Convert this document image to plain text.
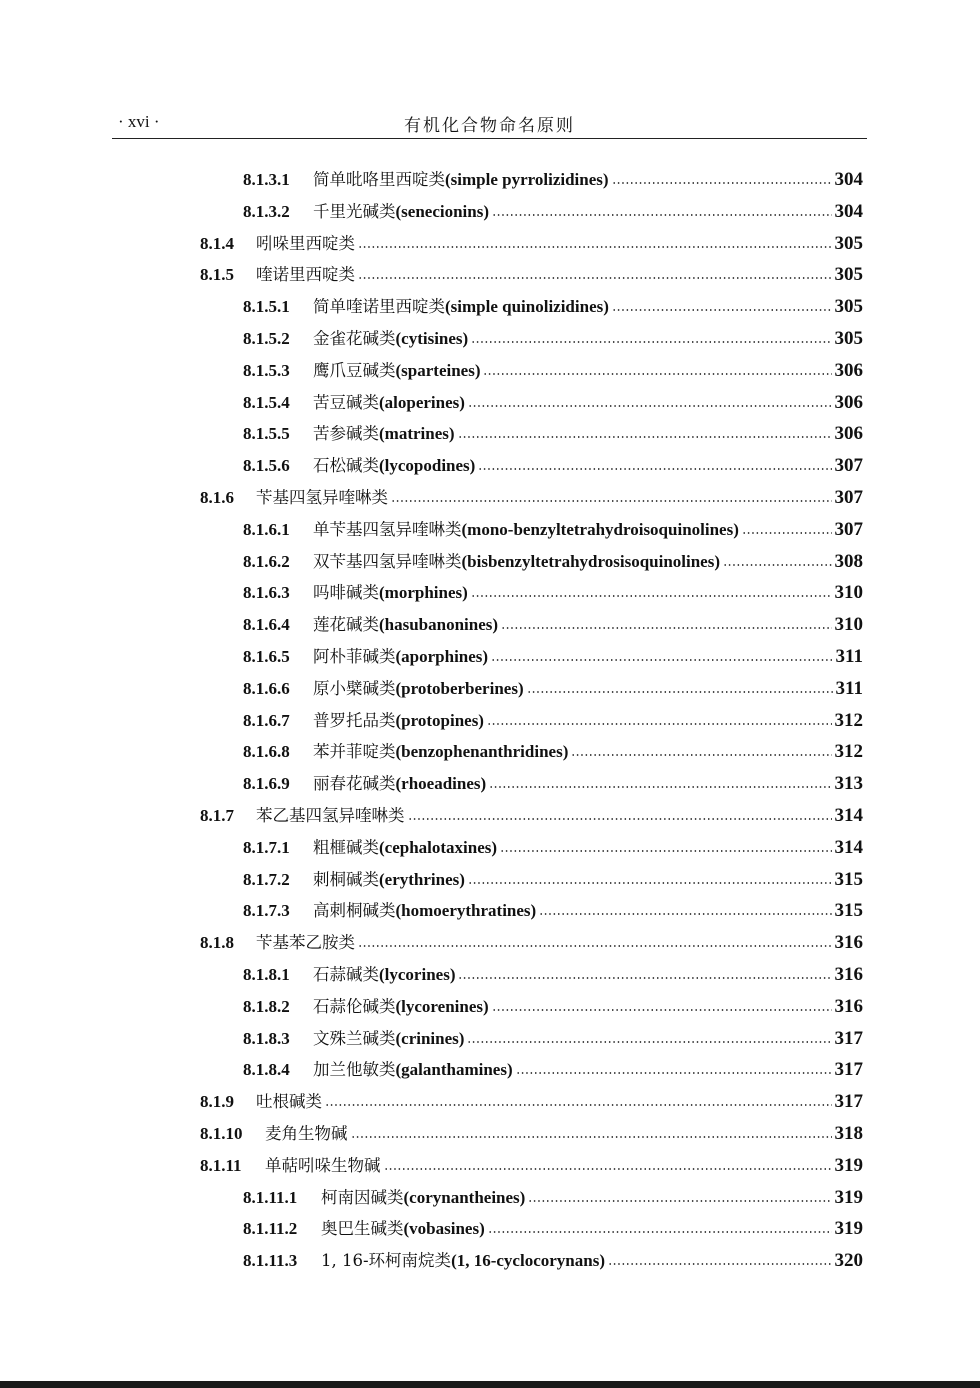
· xvi ·	有机化合物命名原则
8.1.3.1	简单吡咯里西啶类(simple pyrrolizidines)	304
8.1.3.2	千里光碱类(senecionins)	304
8.1.4	吲哚里西啶类	305
8.1.5	喹诺里西啶类	305
8.1.5.1	简单喹诺里西啶类(simple quinolizidines)	305
8.1.5.2	金雀花碱类(cytisines)	305
8.1.5.3	鹰爪豆碱类(sparteines)	306
8.1.5.4	苦豆碱类(aloperines)	306
8.1.5.5	苦参碱类(matrines)	306
8.1.5.6	石松碱类(lycopodines)	307
8.1.6	苄基四氢异喹啉类	307
8.1.6.1	单苄基四氢异喹啉类(mono-benzyltetrahydroisoquinolines)	307
8.1.6.2	双苄基四氢异喹啉类(bisbenzyltetrahydrosisoquinolines)	308
8.1.6.3	吗啡碱类(morphines)	310
8.1.6.4	莲花碱类(hasubanonines)	310
8.1.6.5	阿朴菲碱类(aporphines)	311
8.1.6.6	原小檗碱类(protoberberines)	311
8.1.6.7	普罗托品类(protopines)	312
8.1.6.8	苯并菲啶类(benzophenanthridines)	312
8.1.6.9	丽春花碱类(rhoeadines)	313
8.1.7	苯乙基四氢异喹啉类	314
8.1.7.1	粗榧碱类(cephalotaxines)	314
8.1.7.2	刺桐碱类(erythrines)	315
8.1.7.3	高刺桐碱类(homoerythratines)	315
8.1.8	苄基苯乙胺类	316
8.1.8.1	石蒜碱类(lycorines)	316
8.1.8.2	石蒜伦碱类(lycorenines)	316
8.1.8.3	文殊兰碱类(crinines)	317
8.1.8.4	加兰他敏类(galanthamines)	317
8.1.9	吐根碱类	317
8.1.10	麦角生物碱	318
8.1.11	单萜吲哚生物碱	319
8.1.11.1	柯南因碱类(corynantheines)	319
8.1.11.2	奥巴生碱类(vobasines)	319
8.1.11.3	1, 16-环柯南烷类(1, 16-cyclocorynans)	320
